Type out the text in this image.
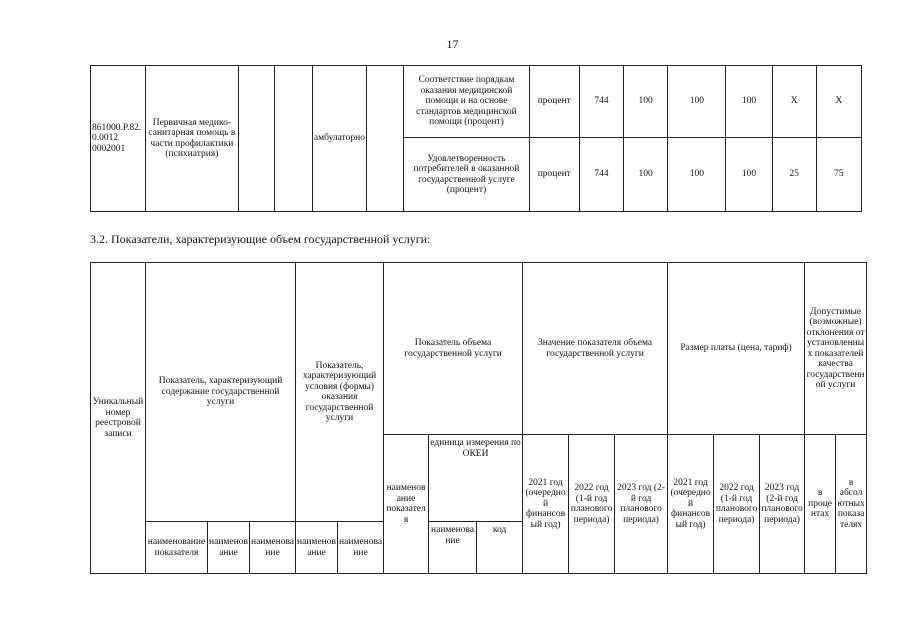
17
861000.Р.82.0.0012 0002001	Первичная медико-санитарная помощь в части профилактики (психиатрия)			амбулаторно		Соответствие порядкам оказания медицинской помощи и на основе стандартов медицинской помощи (процент)	процент	744	100	100	100	X	X
						Удовлетворенность потребителей в оказанной государственной услуге (процент)	процент	744	100	100	100	25	75
3.2. Показатели, характеризующие объем государственной услуги:
Уникальный номер реестровой записи	Показатель, характеризующий содержание государственной услуги			Показатель, характеризующий условия (формы) оказания государственной услуги		Показатель объема государственной услуги			Значение показателя объема государственной услуги			Размер платы (цена, тариф)			Допустимые (возможные) отклонения от установленных показателей качества государственной услуги	
						наименование показателя	единица измерения по ОКЕИ		2021 год (очередной финансовый год)	2022 год (1-й год планового периода)	2023 год (2-й год планового периода)	2021 год (очередной финансовый год)	2022 год (1-й год планового периода)	2023 год (2-й год планового периода)	в процентах	в абсолютных показателях
	наименование показателя	наименование	наименование	наименование	наименование		наименование	код								
